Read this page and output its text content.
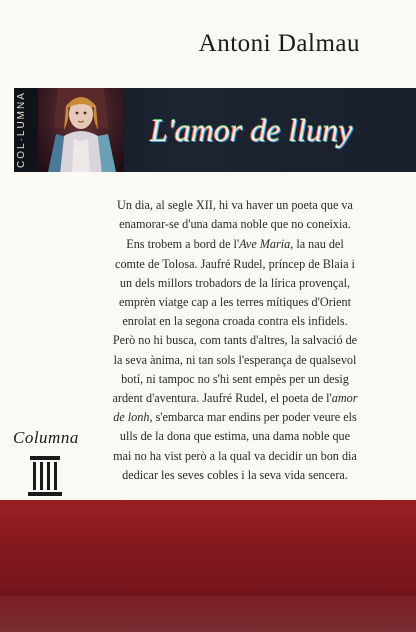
Antoni Dalmau
COL·LUMNA	L'amor de lluny

Un dia, al segle XII, hi va haver un poeta que va enamorar-se d'una dama noble que no coneixia.

Ens trobem a bord de l'Ave Maria, la nau del comte de Tolosa. Jaufré Rudel, príncep de Blaia i un dels millors trobadors de la lírica provençal, emprèn viatge cap a les terres mítiques d'Orient enrolat en la segona croada contra els infidels. Però no hi busca, com tants d'altres, la salvació de la seva ànima, ni tan sols l'esperança de qualsevol botí, ni tampoc no s'hi sent empès per un desig ardent d'aventura. Jaufré Rudel, el poeta de l'amor de lonh, s'embarca mar endins per poder veure els ulls de la dona que estima, una dama noble que mai no ha vist però a la qual va decidir un bon dia dedicar les seves cobles i la seva vida sencera.

Columna
